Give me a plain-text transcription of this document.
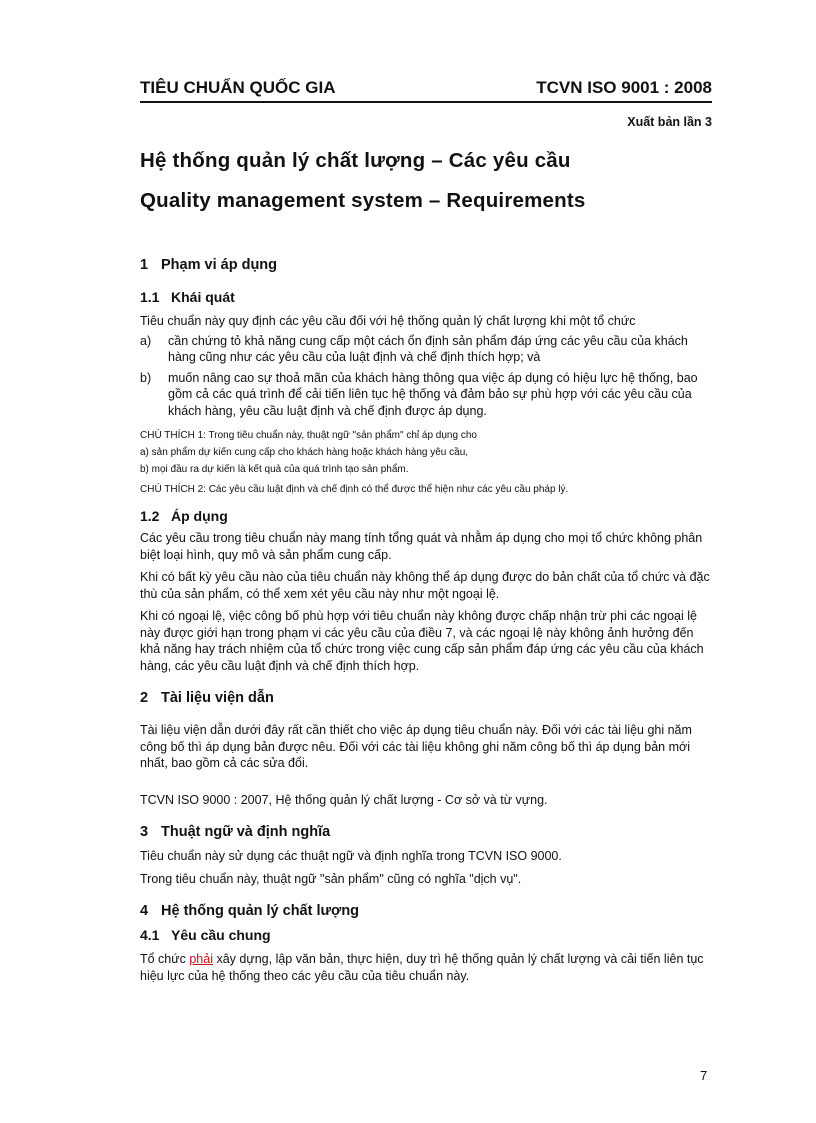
TIÊU CHUẨN QUỐC GIA	TCVN ISO 9001 : 2008
Xuất bản lần 3
Hệ thống quản lý chất lượng – Các yêu cầu
Quality management system – Requirements
1 Phạm vi áp dụng
1.1 Khái quát

Tiêu chuẩn này quy định các yêu cầu đối với hệ thống quản lý chất lượng khi một tổ chức

a)	cần chứng tỏ khả năng cung cấp một cách ổn định sản phẩm đáp ứng các yêu cầu của khách hàng cũng như các yêu cầu của luật định và chế định thích hợp; và
b)	muốn nâng cao sự thoả mãn của khách hàng thông qua việc áp dụng có hiệu lực hệ thống, bao gồm cả các quá trình để cải tiến liên tục hệ thống và đảm bảo sự phù hợp với các yêu cầu của khách hàng, yêu cầu luật định và chế định được áp dụng.

CHÚ THÍCH 1: Trong tiêu chuẩn này, thuật ngữ "sản phẩm" chỉ áp dụng cho

a) sản phẩm dự kiến cung cấp cho khách hàng hoặc khách hàng yêu cầu,

b) mọi đầu ra dự kiến là kết quả của quá trình tạo sản phẩm.

CHÚ THÍCH 2: Các yêu cầu luật định và chế định có thể được thể hiện như các yêu cầu pháp lý.

1.2 Áp dụng

Các yêu cầu trong tiêu chuẩn này mang tính tổng quát và nhằm áp dụng cho mọi tổ chức không phân biệt loại hình, quy mô và sản phẩm cung cấp.

Khi có bất kỳ yêu cầu nào của tiêu chuẩn này không thể áp dụng được do bản chất của tổ chức và đặc thù của sản phẩm, có thể xem xét yêu cầu này như một ngoại lệ.

Khi có ngoại lệ, việc công bố phù hợp với tiêu chuẩn này không được chấp nhận trừ phi các ngoại lệ này được giới hạn trong phạm vi các yêu cầu của điều 7, và các ngoại lệ này không ảnh hưởng đến khả năng hay trách nhiệm của tổ chức trong việc cung cấp sản phẩm đáp ứng các yêu cầu của khách hàng, các yêu cầu luật định và chế định thích hợp.

2 Tài liệu viện dẫn

Tài liệu viện dẫn dưới đây rất cần thiết cho việc áp dụng tiêu chuẩn này. Đối với các tài liệu ghi năm công bố thì áp dụng bản được nêu. Đối với các tài liệu không ghi năm công bố thì áp dụng bản mới nhất, bao gồm cả các sửa đổi.

TCVN ISO 9000 : 2007, Hệ thống quản lý chất lượng - Cơ sở và từ vựng.

3 Thuật ngữ và định nghĩa

Tiêu chuẩn này sử dụng các thuật ngữ và định nghĩa trong TCVN ISO 9000.

Trong tiêu chuẩn này, thuật ngữ "sản phẩm" cũng có nghĩa "dịch vụ".

4 Hệ thống quản lý chất lượng
4.1 Yêu cầu chung

Tổ chức phải xây dựng, lập văn bản, thực hiện, duy trì hệ thống quản lý chất lượng và cải tiến liên tục hiệu lực của hệ thống theo các yêu cầu của tiêu chuẩn này.

7
